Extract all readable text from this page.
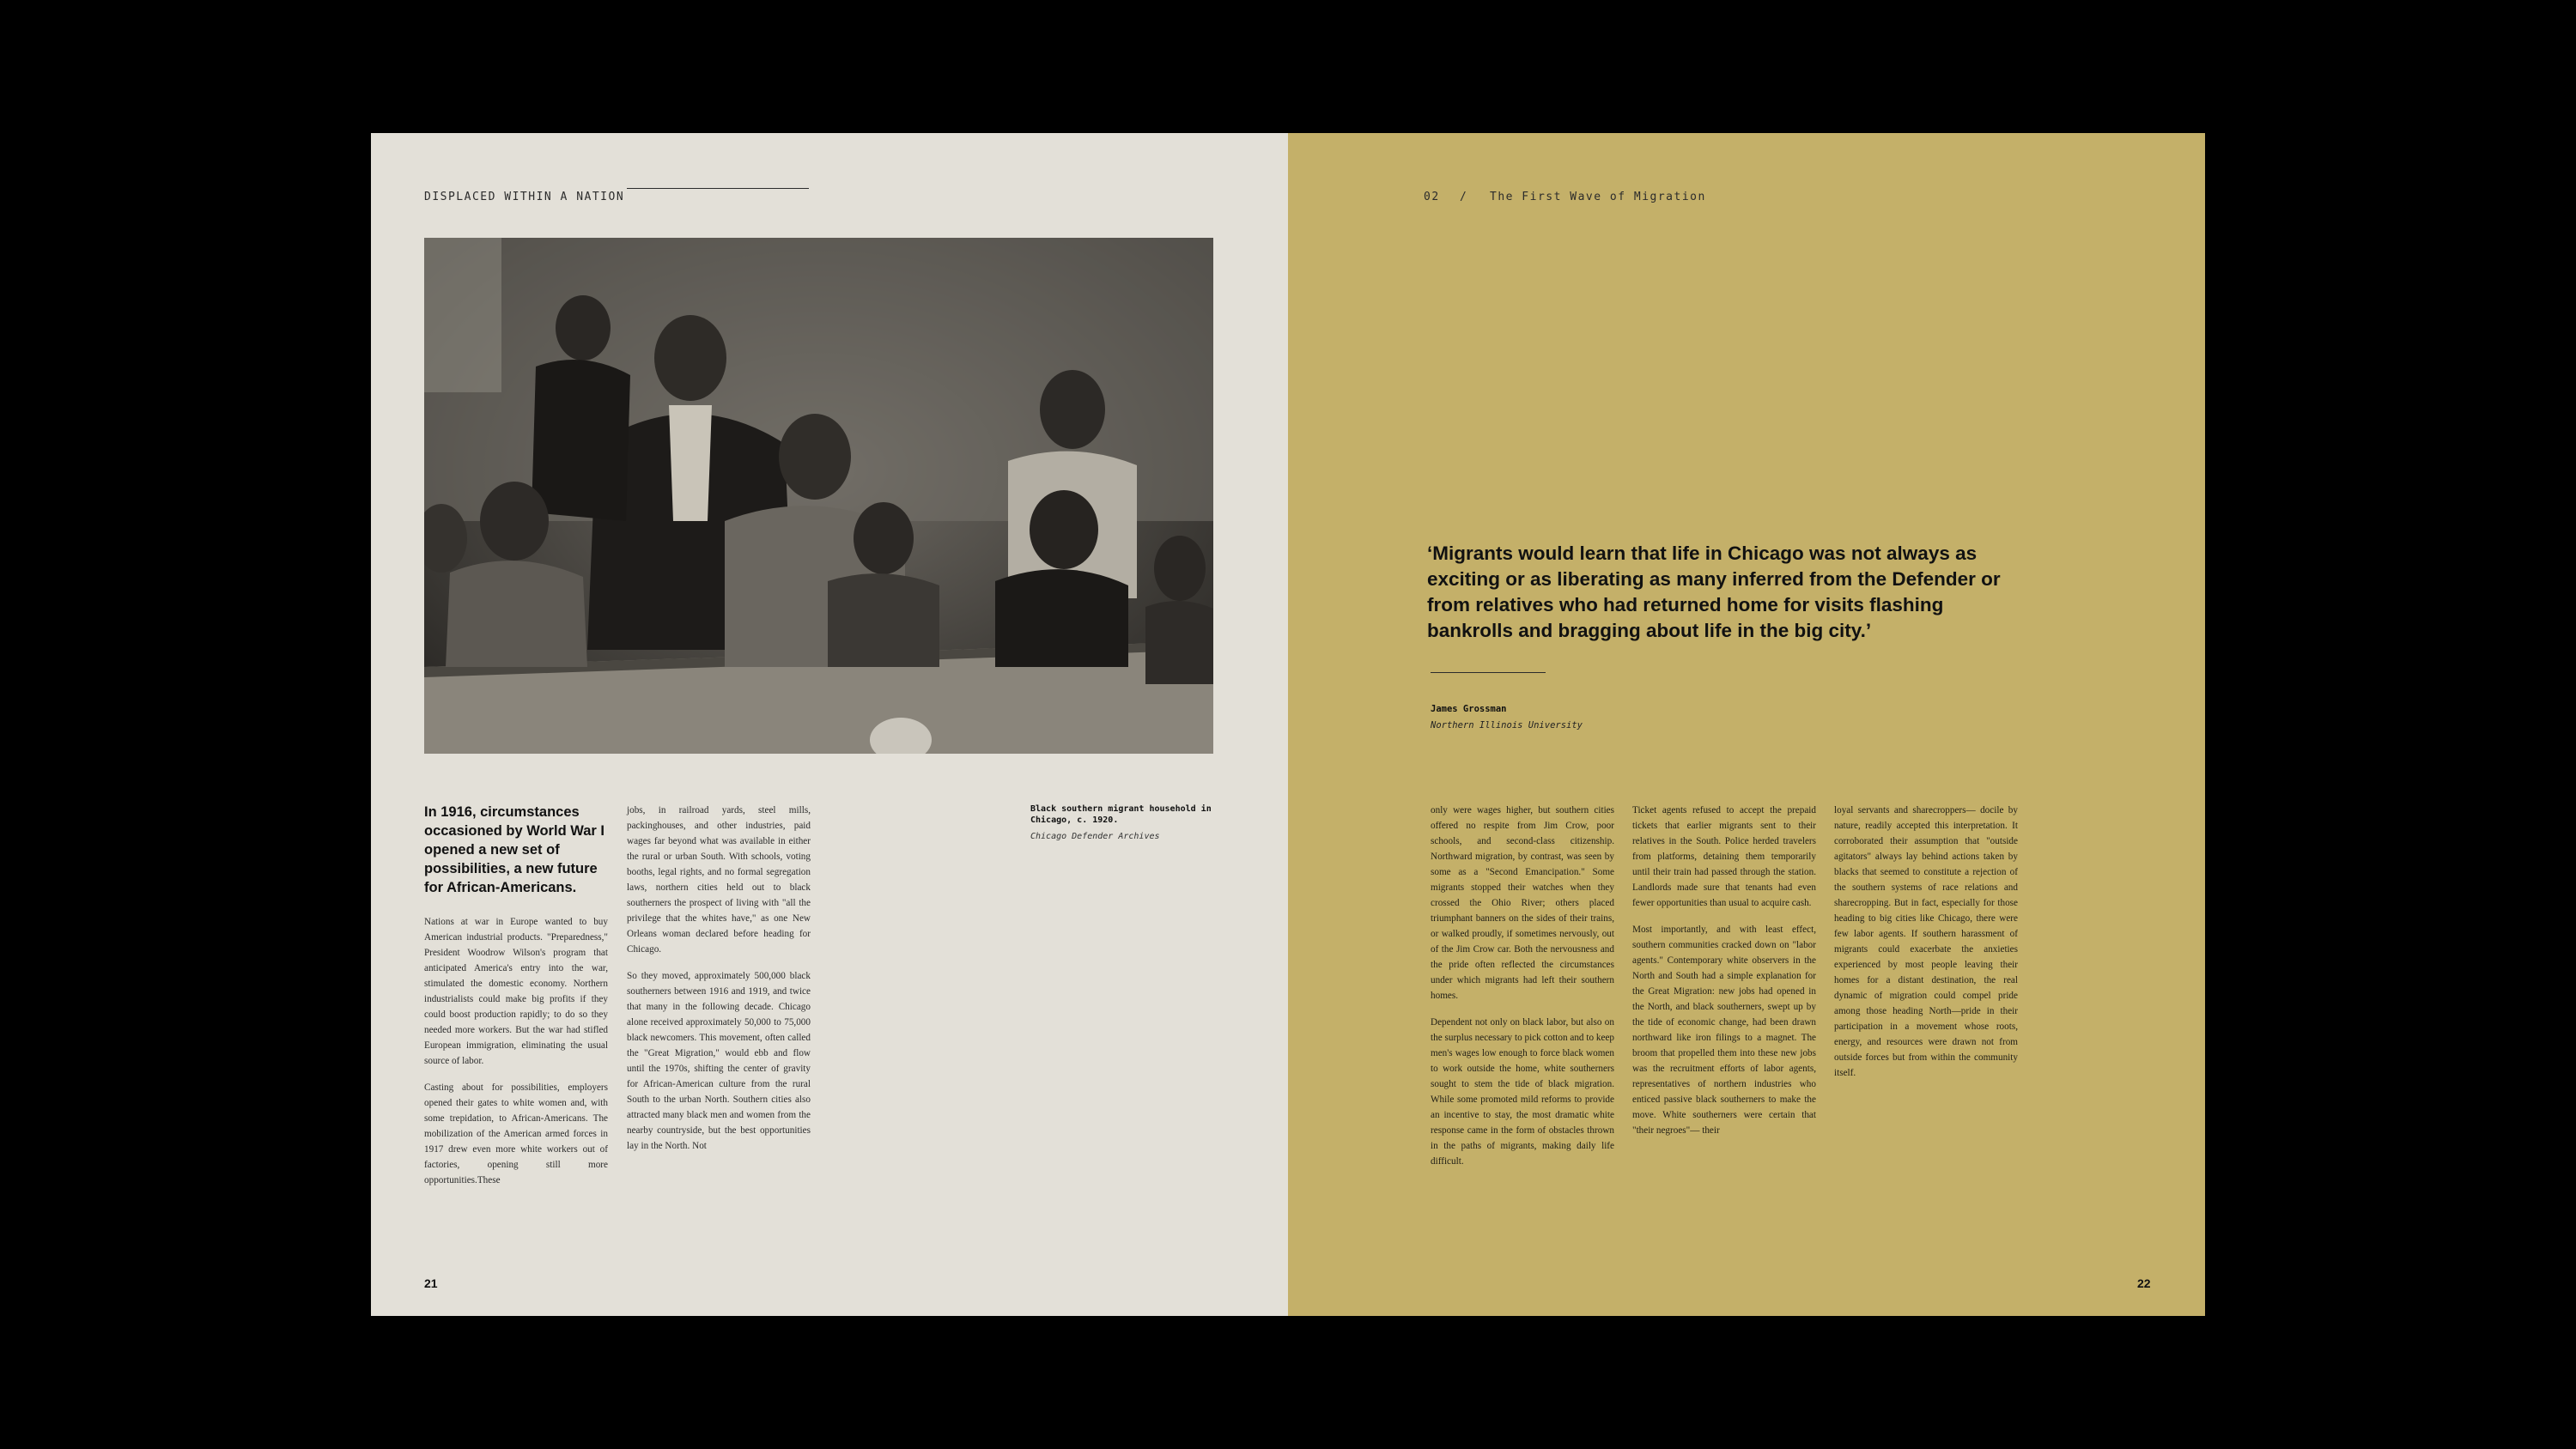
DISPLACED WITHIN A NATION

In 1916, circumstances occasioned by World War I opened a new set of possibilities, a new future for African-Americans.

Nations at war in Europe wanted to buy American industrial products. "Preparedness," President Woodrow Wilson's program that anticipated America's entry into the war, stimulated the domestic economy. Northern industrialists could make big profits if they could boost production rapidly; to do so they needed more workers. But the war had stifled European immigration, eliminating the usual source of labor.

Casting about for possibilities, employers opened their gates to white women and, with some trepidation, to African-Americans. The mobilization of the American armed forces in 1917 drew even more white workers out of factories, opening still more opportunities.These

jobs, in railroad yards, steel mills, packinghouses, and other industries, paid wages far beyond what was available in either the rural or urban South. With schools, voting booths, legal rights, and no formal segregation laws, northern cities held out to black southerners the prospect of living with "all the privilege that the whites have," as one New Orleans woman declared before heading for Chicago.

So they moved, approximately 500,000 black southerners between 1916 and 1919, and twice that many in the following decade. Chicago alone received approximately 50,000 to 75,000 black newcomers. This movement, often called the "Great Migration," would ebb and flow until the 1970s, shifting the center of gravity for African-American culture from the rural South to the urban North. Southern cities also attracted many black men and women from the nearby countryside, but the best opportunities lay in the North. Not

Black southern migrant household in Chicago, c. 1920.

Chicago Defender Archives

21

02 / The First Wave of Migration

‘Migrants would learn that life in Chicago was not always as exciting or as liberating as many inferred from the Defender or from relatives who had returned home for visits flashing bankrolls and bragging about life in the big city.’

James Grossman

Northern Illinois University

only were wages higher, but southern cities offered no respite from Jim Crow, poor schools, and second-class citizenship. Northward migration, by contrast, was seen by some as a "Second Emancipation." Some migrants stopped their watches when they crossed the Ohio River; others placed triumphant banners on the sides of their trains, or walked proudly, if sometimes nervously, out of the Jim Crow car. Both the nervousness and the pride often reflected the circumstances under which migrants had left their southern homes.

Dependent not only on black labor, but also on the surplus necessary to pick cotton and to keep men's wages low enough to force black women to work outside the home, white southerners sought to stem the tide of black migration. While some promoted mild reforms to provide an incentive to stay, the most dramatic white response came in the form of obstacles thrown in the paths of migrants, making daily life difficult.

Ticket agents refused to accept the prepaid tickets that earlier migrants sent to their relatives in the South. Police herded travelers from platforms, detaining them temporarily until their train had passed through the station. Landlords made sure that tenants had even fewer opportunities than usual to acquire cash.

Most importantly, and with least effect, southern communities cracked down on "labor agents." Contemporary white observers in the North and South had a simple explanation for the Great Migration: new jobs had opened in the North, and black southerners, swept up by the tide of economic change, had been drawn northward like iron filings to a magnet. The broom that propelled them into these new jobs was the recruitment efforts of labor agents, representatives of northern industries who enticed passive black southerners to make the move. White southerners were certain that "their negroes"— their

loyal servants and sharecroppers— docile by nature, readily accepted this interpretation. It corroborated their assumption that "outside agitators" always lay behind actions taken by blacks that seemed to constitute a rejection of the southern systems of race relations and sharecropping. But in fact, especially for those heading to big cities like Chicago, there were few labor agents. If southern harassment of migrants could exacerbate the anxieties experienced by most people leaving their homes for a distant destination, the real dynamic of migration could compel pride among those heading North—pride in their participation in a movement whose roots, energy, and resources were drawn not from outside forces but from within the community itself.

22
